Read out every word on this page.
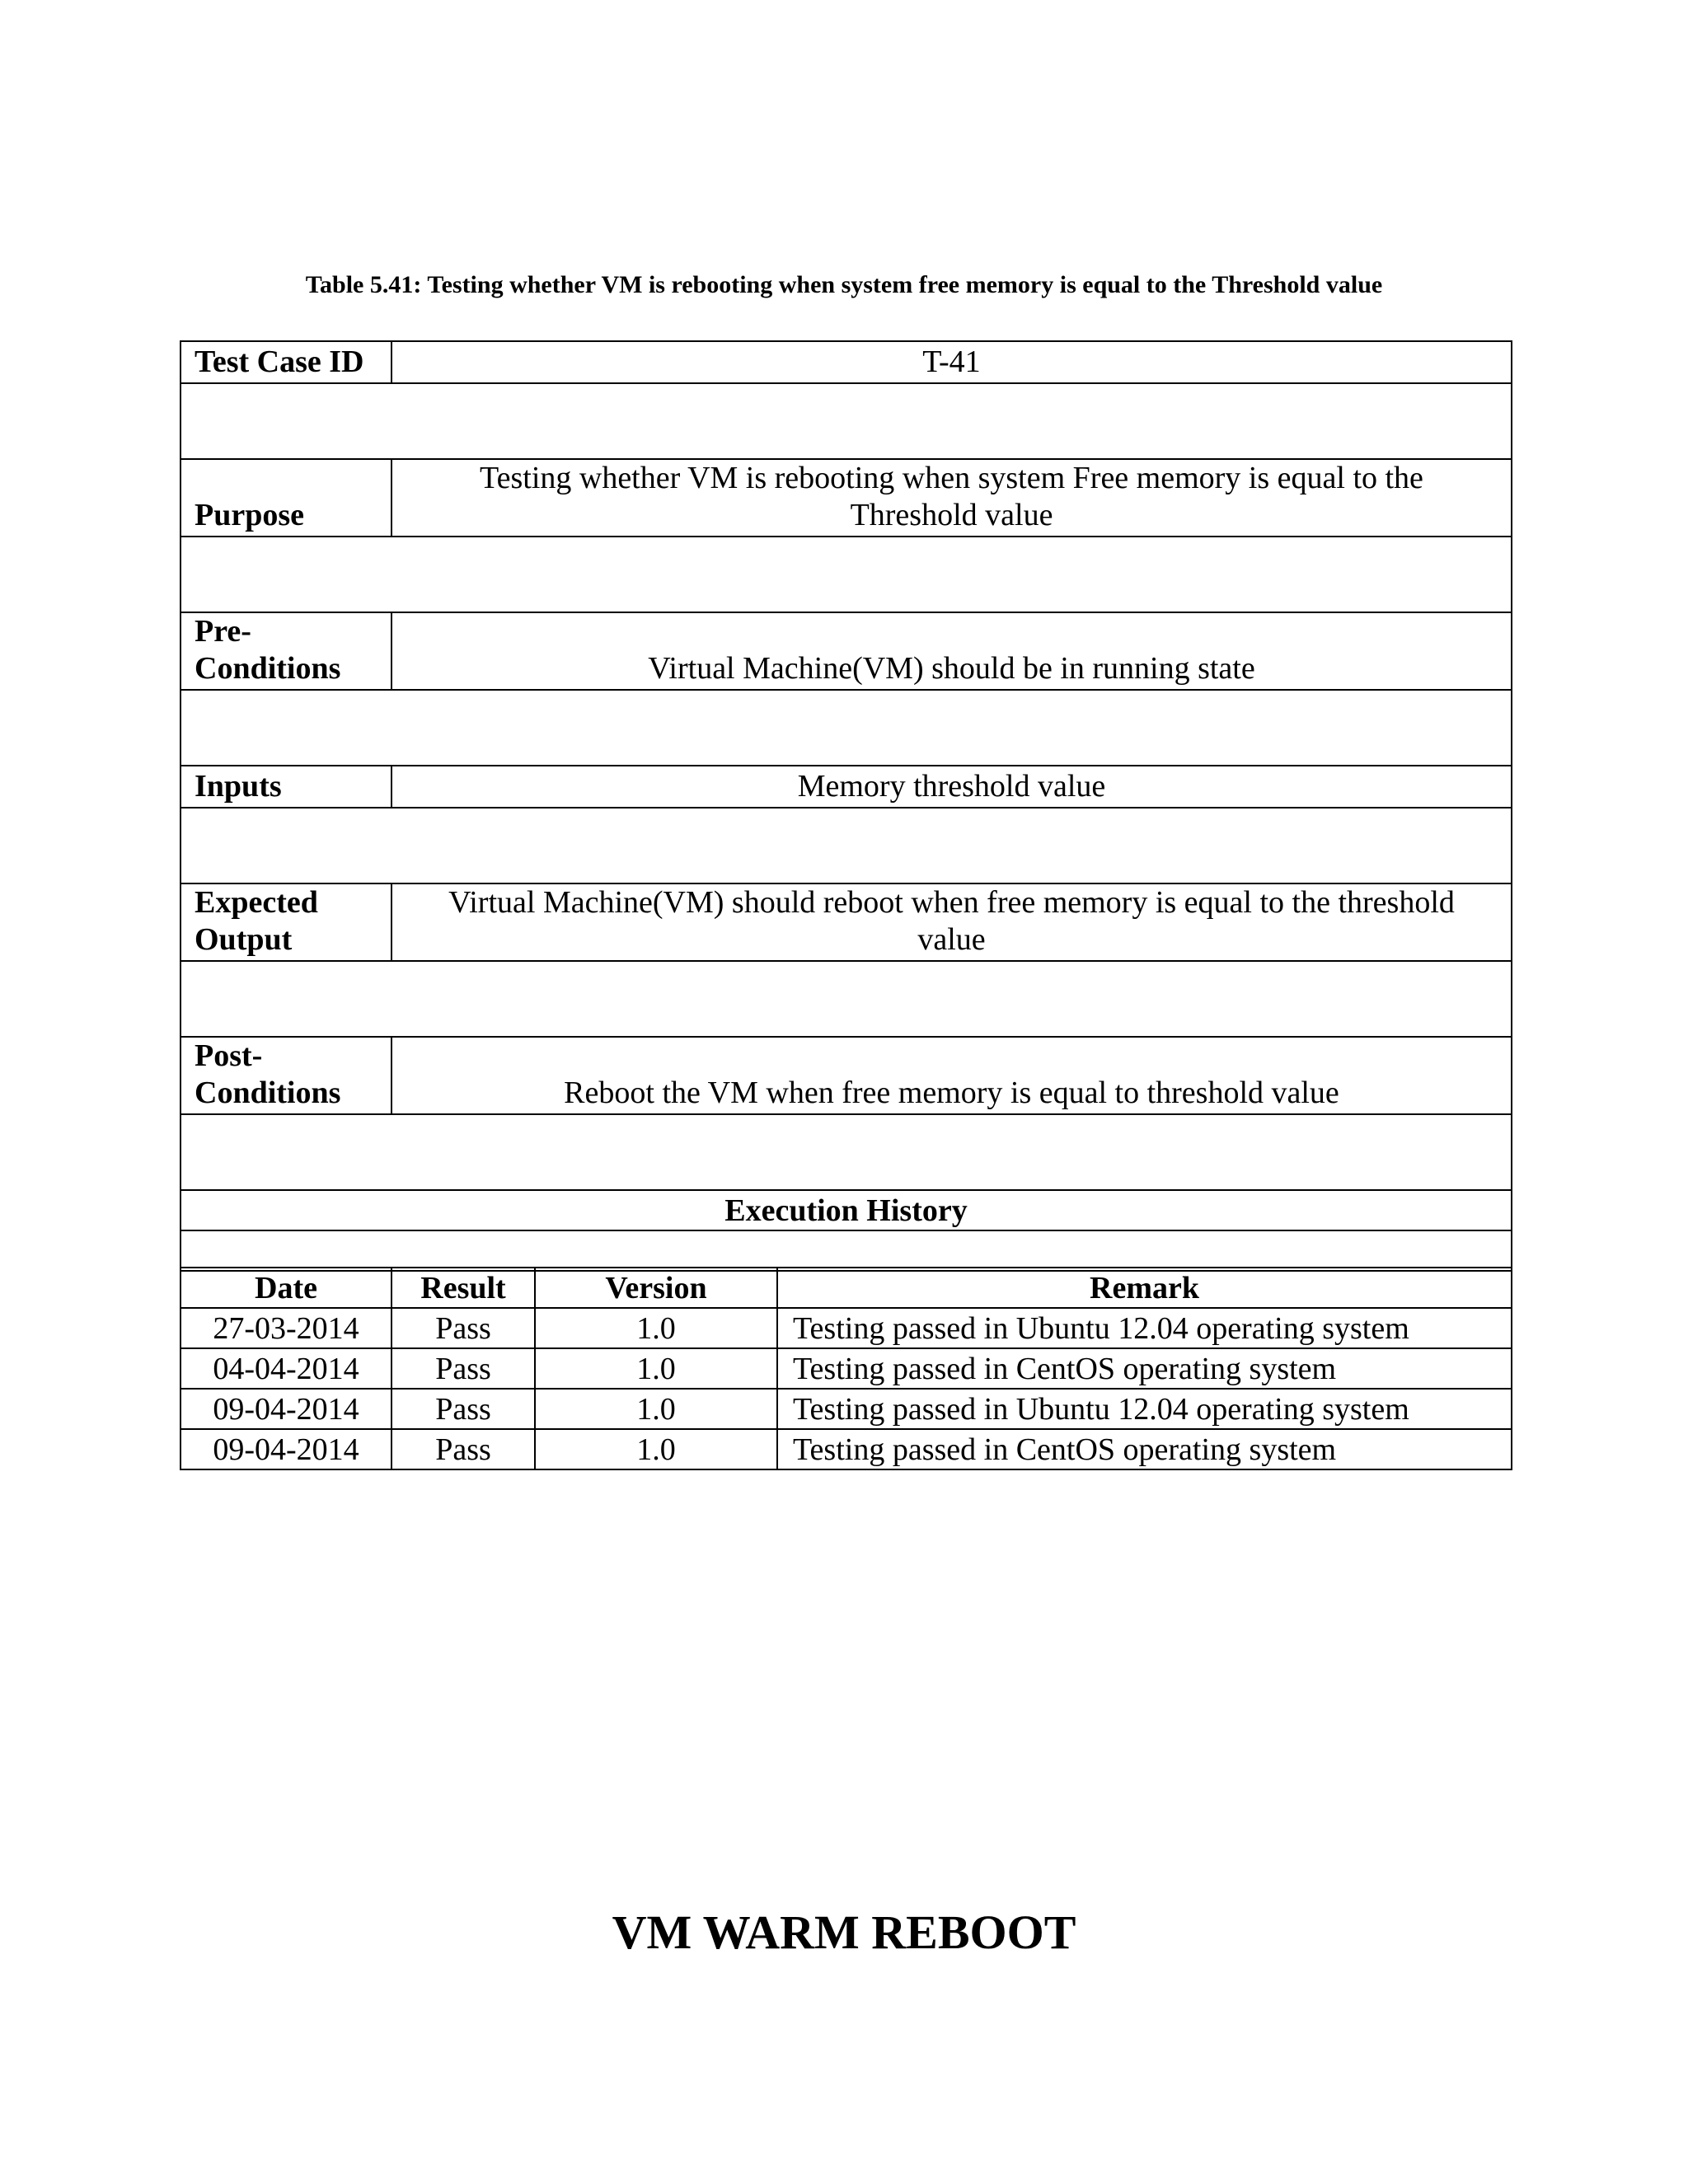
Table 5.41: Testing whether VM is rebooting when system free memory is equal to the Threshold value
Test Case ID	T-41

Purpose	Testing whether VM is rebooting when system Free memory is equal to the Threshold value

Pre-
Conditions	Virtual Machine(VM) should be in running state

Inputs	Memory threshold value

Expected
Output	Virtual Machine(VM) should reboot when free memory is equal to the threshold value

Post-
Conditions	Reboot the VM when free memory is equal to threshold value

Execution History	

Date	Result	Version	Remark
27-03-2014	Pass	1.0	Testing passed in Ubuntu 12.04 operating system
04-04-2014	Pass	1.0	Testing passed in CentOS operating system
09-04-2014	Pass	1.0	Testing passed in Ubuntu 12.04 operating system
09-04-2014	Pass	1.0	Testing passed in CentOS operating system
VM WARM REBOOT
